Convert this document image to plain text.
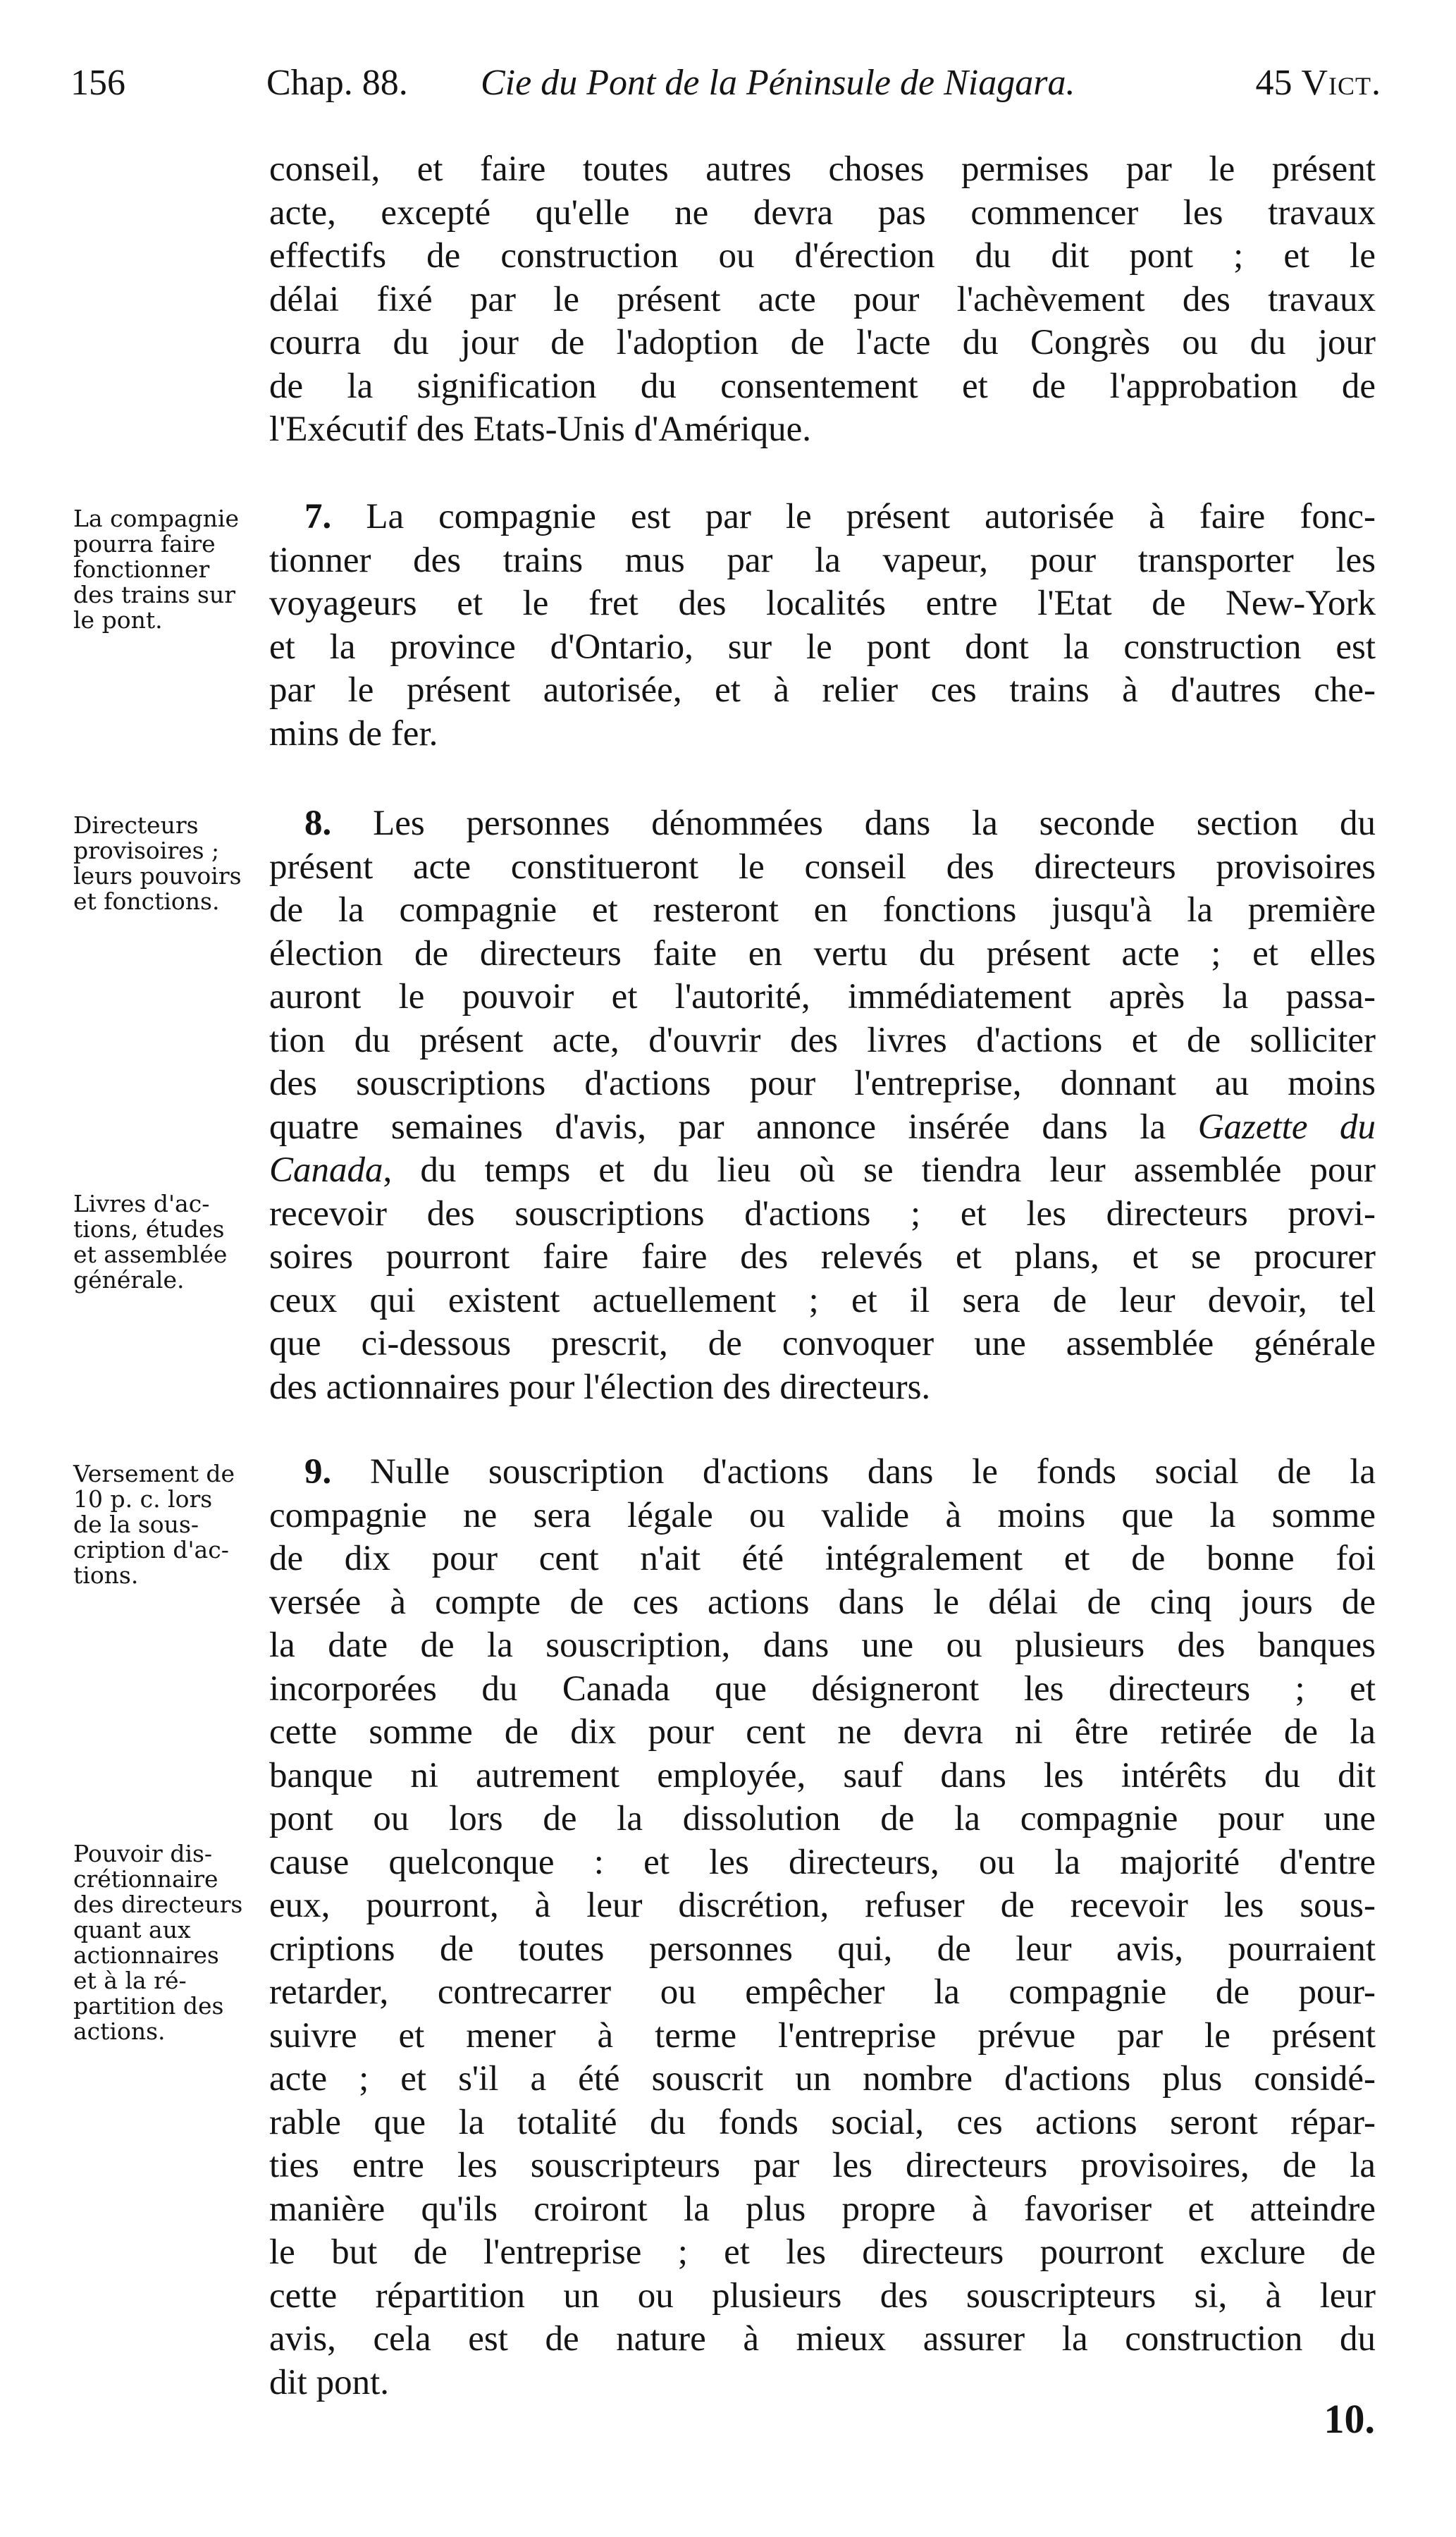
156	Chap. 88. Cie du Pont de la Péninsule de Niagara.	45 Vict.
conseil, et faire toutes autres choses permises par le présent
acte, excepté qu'elle ne devra pas commencer les travaux
effectifs de construction ou d'érection du dit pont ; et le
délai fixé par le présent acte pour l'achèvement des travaux
courra du jour de l'adoption de l'acte du Congrès ou du jour
de la signification du consentement et de l'approbation de
l'Exécutif des Etats-Unis d'Amérique.
La compagnie
pourra faire
fonctionner
des trains sur
le pont.
7. La compagnie est par le présent autorisée à faire fonc-
tionner des trains mus par la vapeur, pour transporter les
voyageurs et le fret des localités entre l'Etat de New-York
et la province d'Ontario, sur le pont dont la construction est
par le présent autorisée, et à relier ces trains à d'autres che-
mins de fer.
Directeurs
provisoires ;
leurs pouvoirs
et fonctions.
Livres d'ac-
tions, études
et assemblée
générale.
8. Les personnes dénommées dans la seconde section du
présent acte constitueront le conseil des directeurs provisoires
de la compagnie et resteront en fonctions jusqu'à la première
élection de directeurs faite en vertu du présent acte ; et elles
auront le pouvoir et l'autorité, immédiatement après la passa-
tion du présent acte, d'ouvrir des livres d'actions et de solliciter
des souscriptions d'actions pour l'entreprise, donnant au moins
quatre semaines d'avis, par annonce insérée dans la Gazette du
Canada, du temps et du lieu où se tiendra leur assemblée pour
recevoir des souscriptions d'actions ; et les directeurs provi-
soires pourront faire faire des relevés et plans, et se procurer
ceux qui existent actuellement ; et il sera de leur devoir, tel
que ci-dessous prescrit, de convoquer une assemblée générale
des actionnaires pour l'élection des directeurs.
Versement de
10 p. c. lors
de la sous-
cription d'ac-
tions.
Pouvoir dis-
crétionnaire
des directeurs
quant aux
actionnaires
et à la ré-
partition des
actions.
9. Nulle souscription d'actions dans le fonds social de la
compagnie ne sera légale ou valide à moins que la somme
de dix pour cent n'ait été intégralement et de bonne foi
versée à compte de ces actions dans le délai de cinq jours de
la date de la souscription, dans une ou plusieurs des banques
incorporées du Canada que désigneront les directeurs ; et
cette somme de dix pour cent ne devra ni être retirée de la
banque ni autrement employée, sauf dans les intérêts du dit
pont ou lors de la dissolution de la compagnie pour une
cause quelconque : et les directeurs, ou la majorité d'entre
eux, pourront, à leur discrétion, refuser de recevoir les sous-
criptions de toutes personnes qui, de leur avis, pourraient
retarder, contrecarrer ou empêcher la compagnie de pour-
suivre et mener à terme l'entreprise prévue par le présent
acte ; et s'il a été souscrit un nombre d'actions plus considé-
rable que la totalité du fonds social, ces actions seront répar-
ties entre les souscripteurs par les directeurs provisoires, de la
manière qu'ils croiront la plus propre à favoriser et atteindre
le but de l'entreprise ; et les directeurs pourront exclure de
cette répartition un ou plusieurs des souscripteurs si, à leur
avis, cela est de nature à mieux assurer la construction du
dit pont.
10.
